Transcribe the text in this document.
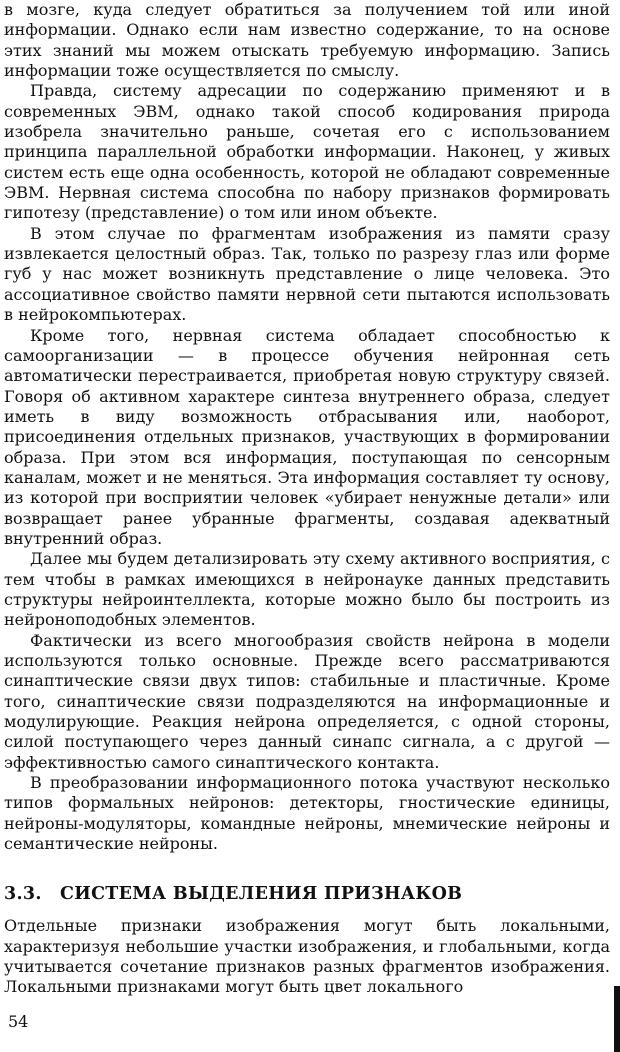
в мозге, куда следует обратиться за получением той или иной информации. Однако если нам известно содержание, то на основе этих знаний мы можем отыскать требуемую информацию. Запись информации тоже осуществляется по смыслу.

Правда, систему адресации по содержанию применяют и в современных ЭВМ, однако такой способ кодирования природа изобрела значительно раньше, сочетая его с использованием принципа параллельной обработки информации. Наконец, у живых систем есть еще одна особенность, которой не обладают современные ЭВМ. Нервная система способна по набору признаков формировать гипотезу (представление) о том или ином объекте.

В этом случае по фрагментам изображения из памяти сразу извлекается целостный образ. Так, только по разрезу глаз или форме губ у нас может возникнуть представление о лице человека. Это ассоциативное свойство памяти нервной сети пытаются использовать в нейрокомпьютерах.

Кроме того, нервная система обладает способностью к самоорганизации — в процессе обучения нейронная сеть автоматически перестраивается, приобретая новую структуру связей. Говоря об активном характере синтеза внутреннего образа, следует иметь в виду возможность отбрасывания или, наоборот, присоединения отдельных признаков, участвующих в формировании образа. При этом вся информация, поступающая по сенсорным каналам, может и не меняться. Эта информация составляет ту основу, из которой при восприятии человек «убирает ненужные детали» или возвращает ранее убранные фрагменты, создавая адекватный внутренний образ.

Далее мы будем детализировать эту схему активного восприятия, с тем чтобы в рамках имеющихся в нейронауке данных представить структуры нейроинтеллекта, которые можно было бы построить из нейроноподобных элементов.

Фактически из всего многообразия свойств нейрона в модели используются только основные. Прежде всего рассматриваются синаптические связи двух типов: стабильные и пластичные. Кроме того, синаптические связи подразделяются на информационные и модулирующие. Реакция нейрона определяется, с одной стороны, силой поступающего через данный синапс сигнала, а с другой — эффективностью самого синаптического контакта.

В преобразовании информационного потока участвуют несколько типов формальных нейронов: детекторы, гностические единицы, нейроны-модуляторы, командные нейроны, мнемические нейроны и семантические нейроны.

3.3. СИСТЕМА ВЫДЕЛЕНИЯ ПРИЗНАКОВ

Отдельные признаки изображения могут быть локальными, характеризуя небольшие участки изображения, и глобальными, когда учитывается сочетание признаков разных фрагментов изображения. Локальными признаками могут быть цвет локального

54
